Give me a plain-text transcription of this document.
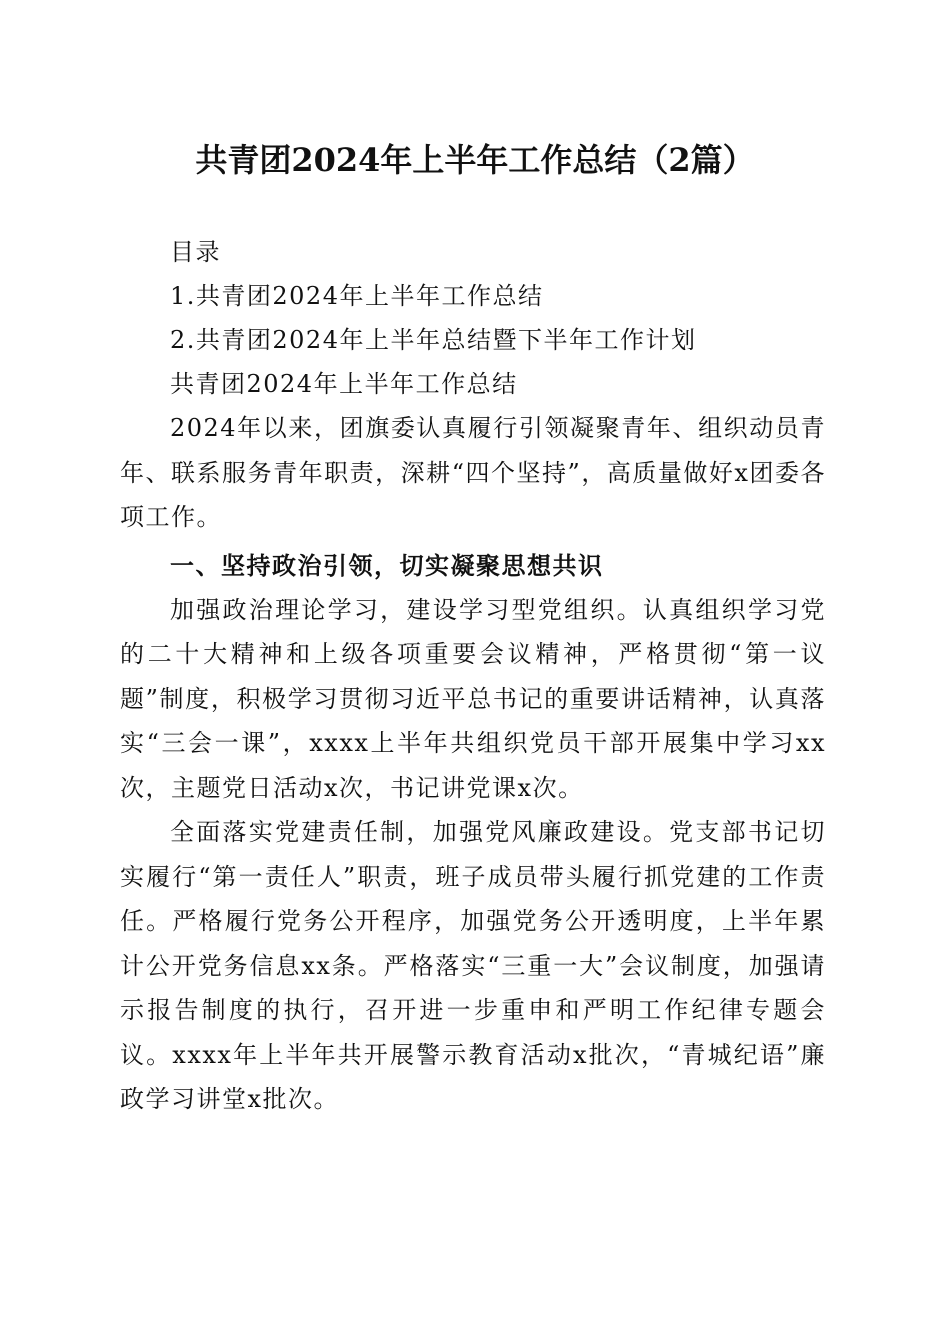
共青团2024年上半年工作总结（2篇）

目录

1.共青团2024年上半年工作总结

2.共青团2024年上半年总结暨下半年工作计划

共青团2024年上半年工作总结

2024年以来，团旗委认真履行引领凝聚青年、组织动员青年、联系服务青年职责，深耕“四个坚持”，高质量做好x团委各项工作。

一、坚持政治引领，切实凝聚思想共识

加强政治理论学习，建设学习型党组织。认真组织学习党的二十大精神和上级各项重要会议精神，严格贯彻“第一议题”制度，积极学习贯彻习近平总书记的重要讲话精神，认真落实“三会一课”，xxxx上半年共组织党员干部开展集中学习xx次，主题党日活动x次，书记讲党课x次。

全面落实党建责任制，加强党风廉政建设。党支部书记切实履行“第一责任人”职责，班子成员带头履行抓党建的工作责任。严格履行党务公开程序，加强党务公开透明度，上半年累计公开党务信息xx条。严格落实“三重一大”会议制度，加强请示报告制度的执行，召开进一步重申和严明工作纪律专题会议。xxxx年上半年共开展警示教育活动x批次，“青城纪语”廉政学习讲堂x批次。
